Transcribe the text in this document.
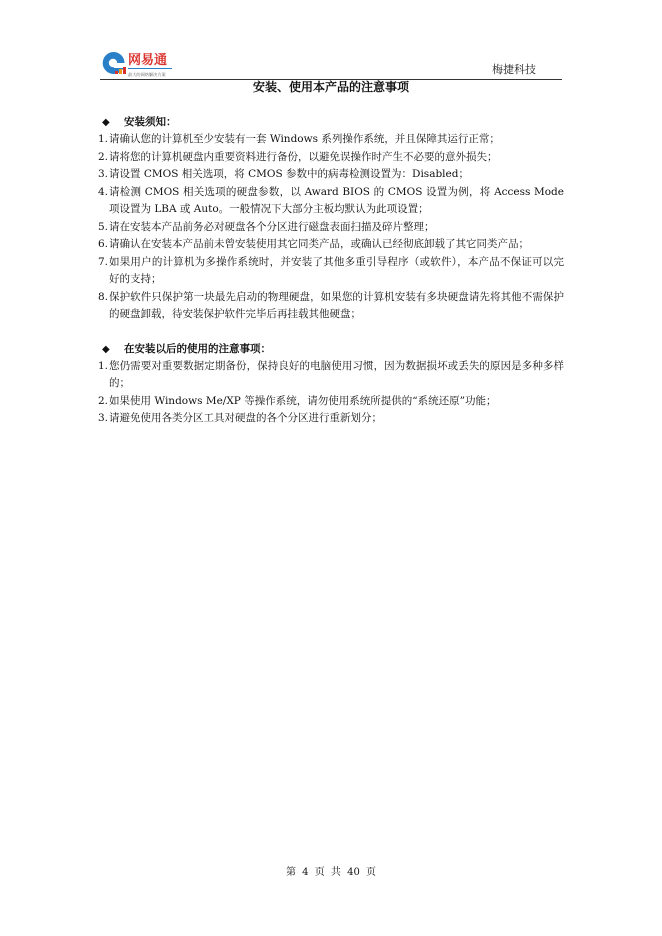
网易通
最大的网络解决方案	梅捷科技
安装、使用本产品的注意事项
◆ 安装须知：
1. 请确认您的计算机至少安装有一套 Windows 系列操作系统，并且保障其运行正常；
2. 请将您的计算机硬盘内重要资料进行备份，以避免误操作时产生不必要的意外损失；
3. 请设置 CMOS 相关选项，将 CMOS 参数中的病毒检测设置为：Disabled；
4. 请检测 CMOS 相关选项的硬盘参数，以 Award BIOS 的 CMOS 设置为例，将 Access Mode 项设置为 LBA 或 Auto。一般情况下大部分主板均默认为此项设置；
5. 请在安装本产品前务必对硬盘各个分区进行磁盘表面扫描及碎片整理；
6. 请确认在安装本产品前未曾安装使用其它同类产品，或确认已经彻底卸载了其它同类产品；
7. 如果用户的计算机为多操作系统时，并安装了其他多重引导程序（或软件），本产品不保证可以完好的支持；
8. 保护软件只保护第一块最先启动的物理硬盘，如果您的计算机安装有多块硬盘请先将其他不需保护的硬盘卸载，待安装保护软件完毕后再挂载其他硬盘；
◆ 在安装以后的使用的注意事项：
1. 您仍需要对重要数据定期备份，保持良好的电脑使用习惯，因为数据损坏或丢失的原因是多种多样的；
2. 如果使用 Windows Me/XP 等操作系统，请勿使用系统所提供的“系统还原”功能；
3. 请避免使用各类分区工具对硬盘的各个分区进行重新划分；
第 4 页 共 40 页
